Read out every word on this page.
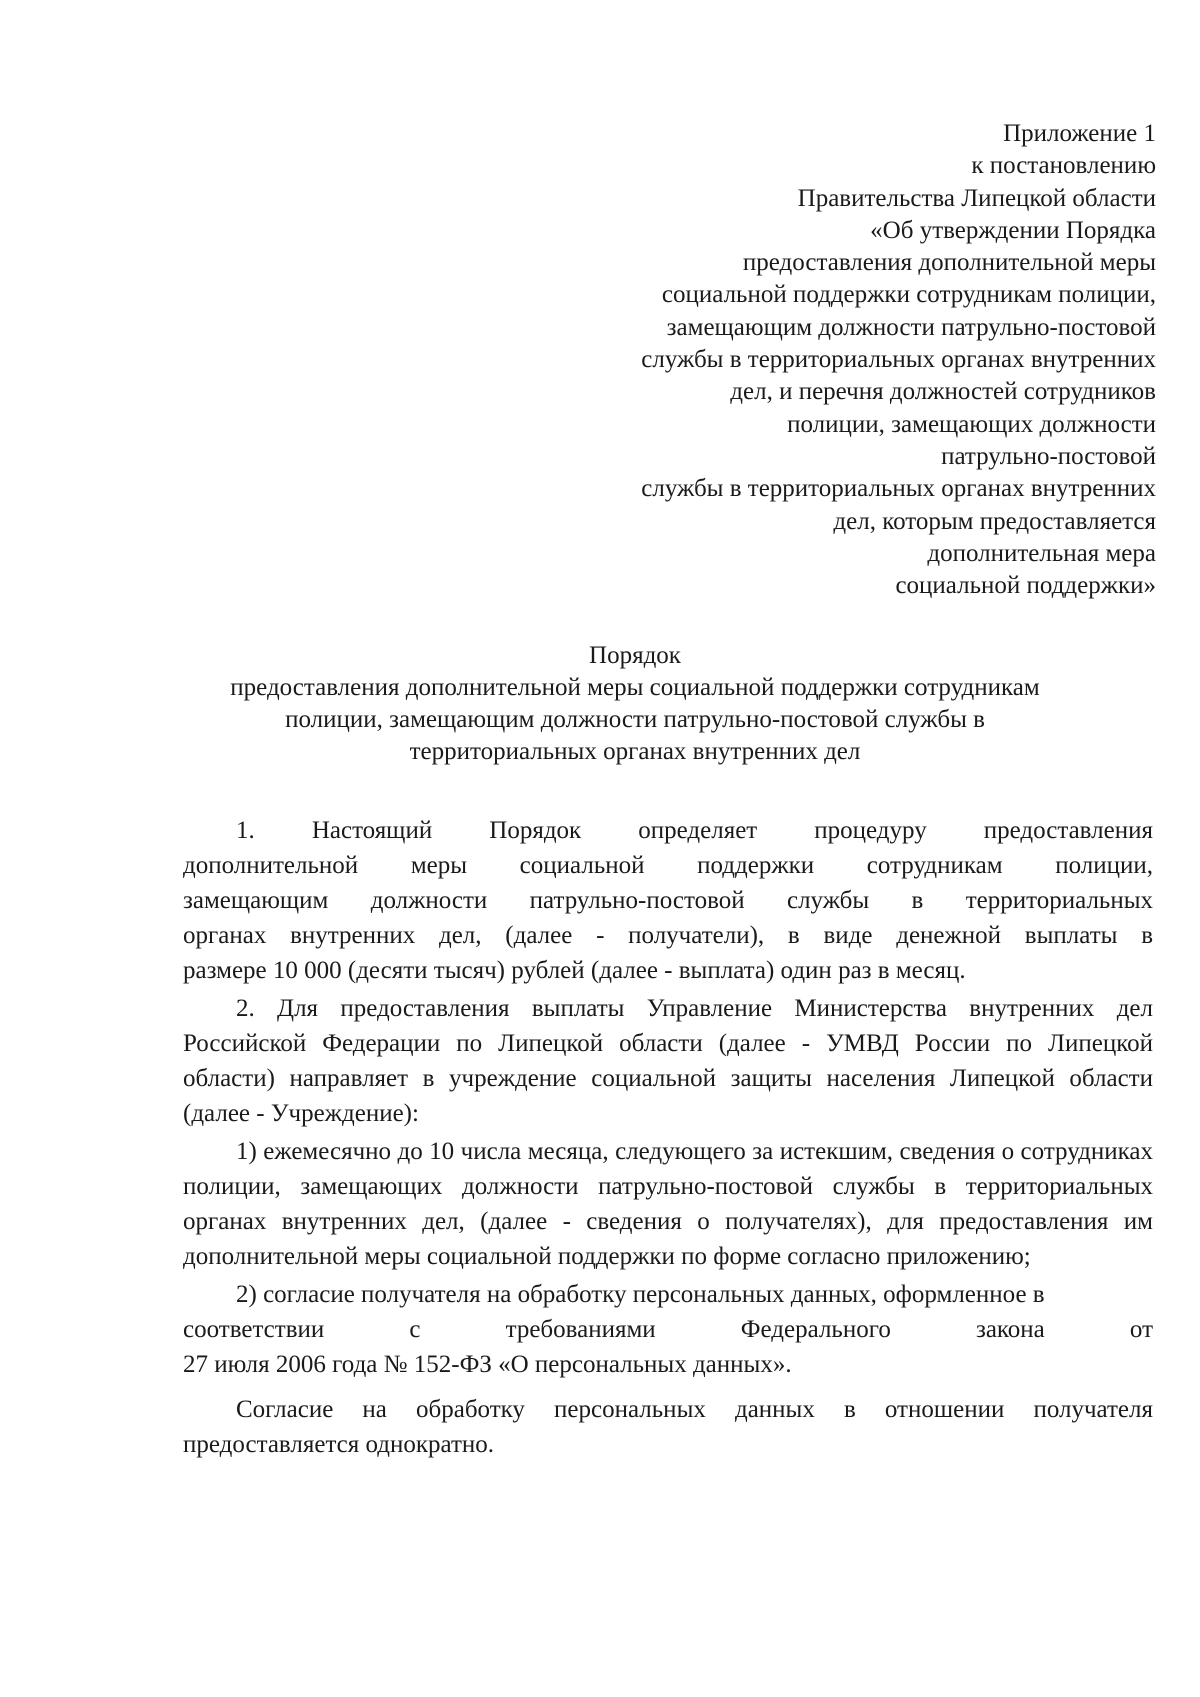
Приложение 1
к постановлению
Правительства Липецкой области
«Об утверждении Порядка
предоставления дополнительной меры
социальной поддержки сотрудникам полиции,
замещающим должности патрульно-постовой
службы в территориальных органах внутренних
дел, и перечня должностей сотрудников
полиции, замещающих должности
патрульно-постовой
службы в территориальных органах внутренних
дел, которым предоставляется
дополнительная мера
социальной поддержки»
Порядок
предоставления дополнительной меры социальной поддержки сотрудникам
полиции, замещающим должности патрульно-постовой службы в
территориальных органах внутренних дел
1.    Настоящий    Порядок    определяет    процедуру    предоставления
дополнительной меры социальной поддержки сотрудникам полиции,
замещающим должности патрульно-постовой службы в территориальных
органах внутренних дел, (далее - получатели), в виде денежной выплаты в
размере 10 000 (десяти тысяч) рублей (далее - выплата) один раз в месяц.

2. Для предоставления выплаты Управление Министерства внутренних дел Российской Федерации по Липецкой области (далее - УМВД России по Липецкой области) направляет в учреждение социальной защиты населения Липецкой области (далее - Учреждение):

1) ежемесячно до 10 числа месяца, следующего за истекшим, сведения о сотрудниках полиции, замещающих должности патрульно-постовой службы в территориальных органах внутренних дел, (далее - сведения о получателях), для предоставления им дополнительной меры социальной поддержки по форме согласно приложению;

2) согласие получателя на обработку персональных данных, оформленное в
соответствии с требованиями Федерального закона от
27 июля 2006 года № 152-ФЗ «О персональных данных».

Согласие на обработку персональных данных в отношении получателя предоставляется однократно.
